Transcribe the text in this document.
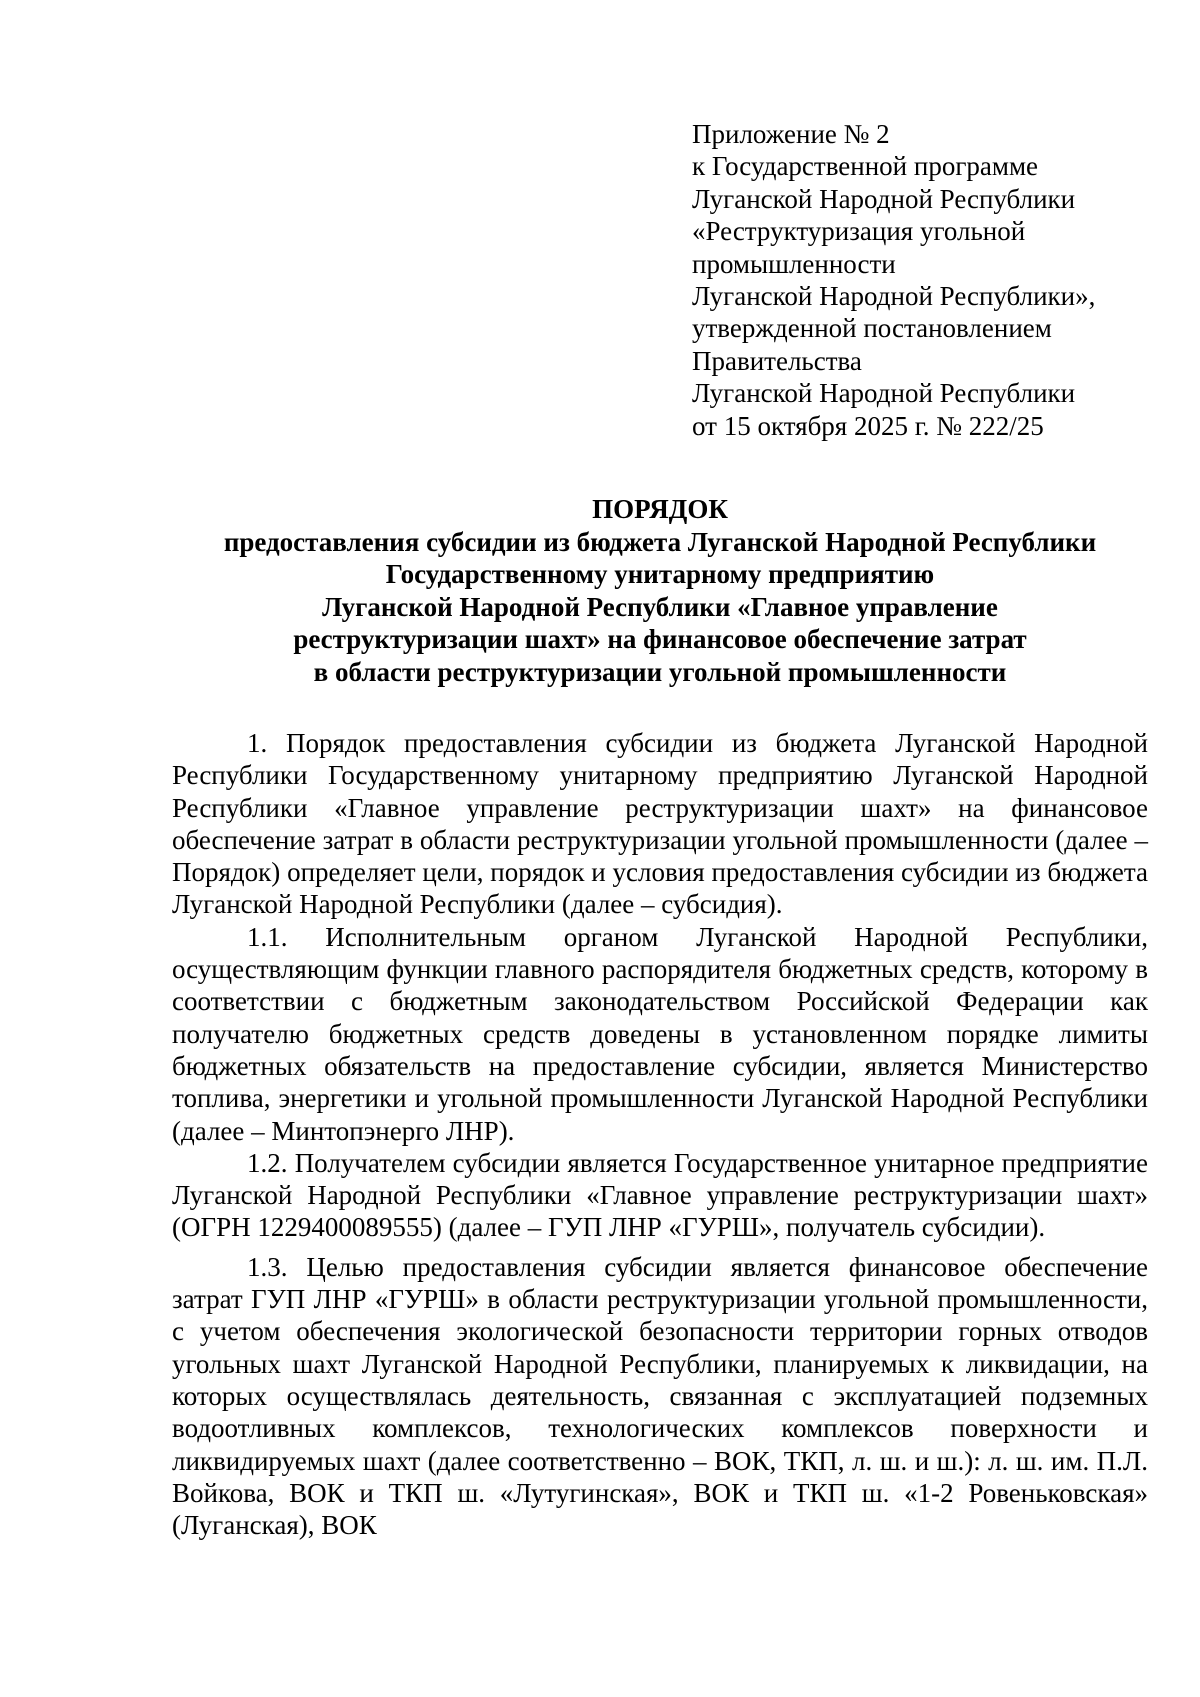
Приложение № 2
к Государственной программе
Луганской Народной Республики
«Реструктуризация угольной
промышленности
Луганской Народной Республики»,
утвержденной постановлением
Правительства
Луганской Народной Республики
от 15 октября 2025 г. № 222/25
ПОРЯДОК
предоставления субсидии из бюджета Луганской Народной Республики
Государственному унитарному предприятию
Луганской Народной Республики «Главное управление
реструктуризации шахт» на финансовое обеспечение затрат
в области реструктуризации угольной промышленности

1. Порядок предоставления субсидии из бюджета Луганской Народной Республики Государственному унитарному предприятию Луганской Народной Республики «Главное управление реструктуризации шахт» на финансовое обеспечение затрат в области реструктуризации угольной промышленности (далее – Порядок) определяет цели, порядок и условия предоставления субсидии из бюджета Луганской Народной Республики (далее – субсидия).

1.1. Исполнительным органом Луганской Народной Республики, осуществляющим функции главного распорядителя бюджетных средств, которому в соответствии с бюджетным законодательством Российской Федерации как получателю бюджетных средств доведены в установленном порядке лимиты бюджетных обязательств на предоставление субсидии, является Министерство топлива, энергетики и угольной промышленности Луганской Народной Республики (далее – Минтопэнерго ЛНР).

1.2. Получателем субсидии является Государственное унитарное предприятие Луганской Народной Республики «Главное управление реструктуризации шахт» (ОГРН 1229400089555) (далее – ГУП ЛНР «ГУРШ», получатель субсидии).

1.3. Целью предоставления субсидии является финансовое обеспечение затрат ГУП ЛНР «ГУРШ» в области реструктуризации угольной промышленности, с учетом обеспечения экологической безопасности территории горных отводов угольных шахт Луганской Народной Республики, планируемых к ликвидации, на которых осуществлялась деятельность, связанная с эксплуатацией подземных водоотливных комплексов, технологических комплексов поверхности и ликвидируемых шахт (далее соответственно – ВОК, ТКП, л. ш. и ш.): л. ш. им. П.Л. Войкова, ВОК и ТКП ш. «Лутугинская», ВОК и ТКП ш. «1-2 Ровеньковская» (Луганская), ВОК
